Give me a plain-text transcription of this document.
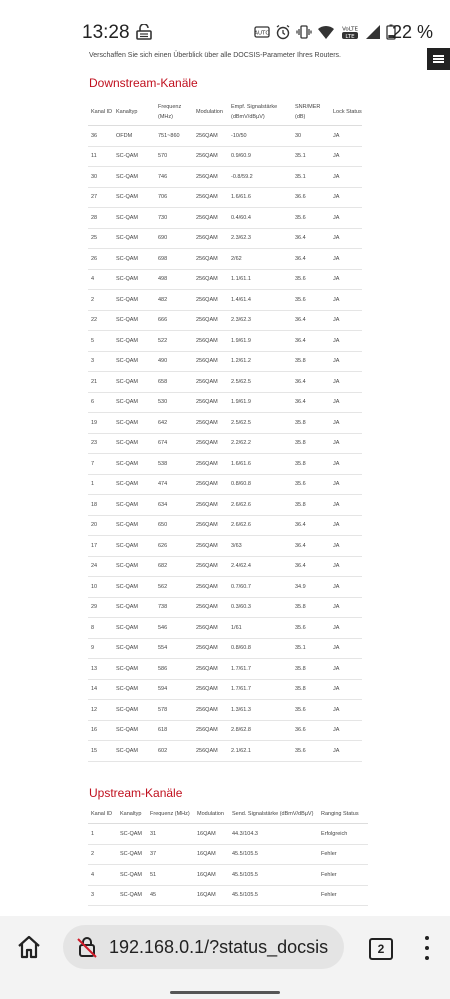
13:28	AUTO
LTE
VoLTE 22 %
Verschaffen Sie sich einen Überblick über alle DOCSIS-Parameter Ihres Routers.
Downstream-Kanäle
Kanal ID	Kanaltyp	Frequenz (MHz)	Modulation	Empf. Signalstärke (dBmV/dBµV)	SNR/MER (dB)	Lock Status
36	OFDM	751~860	256QAM	-10/50	30	JA
11	SC-QAM	570	256QAM	0.9/60.9	35.1	JA
30	SC-QAM	746	256QAM	-0.8/59.2	35.1	JA
27	SC-QAM	706	256QAM	1.6/61.6	36.6	JA
28	SC-QAM	730	256QAM	0.4/60.4	35.6	JA
25	SC-QAM	690	256QAM	2.3/62.3	36.4	JA
26	SC-QAM	698	256QAM	2/62	36.4	JA
4	SC-QAM	498	256QAM	1.1/61.1	35.6	JA
2	SC-QAM	482	256QAM	1.4/61.4	35.6	JA
22	SC-QAM	666	256QAM	2.3/62.3	36.4	JA
5	SC-QAM	522	256QAM	1.9/61.9	36.4	JA
3	SC-QAM	490	256QAM	1.2/61.2	35.8	JA
21	SC-QAM	658	256QAM	2.5/62.5	36.4	JA
6	SC-QAM	530	256QAM	1.9/61.9	36.4	JA
19	SC-QAM	642	256QAM	2.5/62.5	35.8	JA
23	SC-QAM	674	256QAM	2.2/62.2	35.8	JA
7	SC-QAM	538	256QAM	1.6/61.6	35.8	JA
1	SC-QAM	474	256QAM	0.8/60.8	35.6	JA
18	SC-QAM	634	256QAM	2.6/62.6	35.8	JA
20	SC-QAM	650	256QAM	2.6/62.6	36.4	JA
17	SC-QAM	626	256QAM	3/63	36.4	JA
24	SC-QAM	682	256QAM	2.4/62.4	36.4	JA
10	SC-QAM	562	256QAM	0.7/60.7	34.9	JA
29	SC-QAM	738	256QAM	0.3/60.3	35.8	JA
8	SC-QAM	546	256QAM	1/61	35.6	JA
9	SC-QAM	554	256QAM	0.8/60.8	35.1	JA
13	SC-QAM	586	256QAM	1.7/61.7	35.8	JA
14	SC-QAM	594	256QAM	1.7/61.7	35.8	JA
12	SC-QAM	578	256QAM	1.3/61.3	35.6	JA
16	SC-QAM	618	256QAM	2.8/62.8	36.6	JA
15	SC-QAM	602	256QAM	2.1/62.1	35.6	JA
Upstream-Kanäle
Kanal ID	Kanaltyp	Frequenz (MHz)	Modulation	Send. Signalstärke (dBmV/dBµV)	Ranging Status
1	SC-QAM	31	16QAM	44.3/104.3	Erfolgreich
2	SC-QAM	37	16QAM	45.5/105.5	Fehler
4	SC-QAM	51	16QAM	45.5/105.5	Fehler
3	SC-QAM	45	16QAM	45.5/105.5	Fehler
192.168.0.1/?status_docsis	2
